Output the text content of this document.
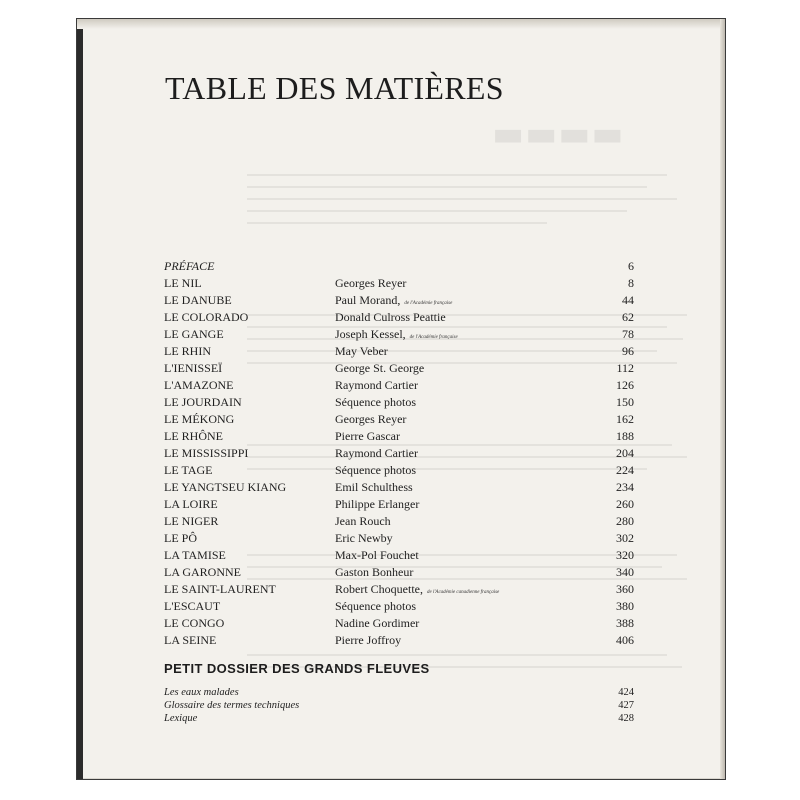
▬▬▬▬
TABLE DES MATIÈRES
PRÉFACE	6
LE NIL	Georges Reyer	8
LE DANUBE	Paul Morand, de l'Académie française	44
LE COLORADO	Donald Culross Peattie	62
LE GANGE	Joseph Kessel, de l'Académie française	78
LE RHIN	May Veber	96
L'IENISSEÏ	George St. George	112
L'AMAZONE	Raymond Cartier	126
LE JOURDAIN	Séquence photos	150
LE MÉKONG	Georges Reyer	162
LE RHÔNE	Pierre Gascar	188
LE MISSISSIPPI	Raymond Cartier	204
LE TAGE	Séquence photos	224
LE YANGTSEU KIANG	Emil Schulthess	234
LA LOIRE	Philippe Erlanger	260
LE NIGER	Jean Rouch	280
LE PÔ	Eric Newby	302
LA TAMISE	Max-Pol Fouchet	320
LA GARONNE	Gaston Bonheur	340
LE SAINT-LAURENT	Robert Choquette, de l'Académie canadienne française	360
L'ESCAUT	Séquence photos	380
LE CONGO	Nadine Gordimer	388
LA SEINE	Pierre Joffroy	406
PETIT DOSSIER DES GRANDS FLEUVES
Les eaux malades	424
Glossaire des termes techniques	427
Lexique	428
